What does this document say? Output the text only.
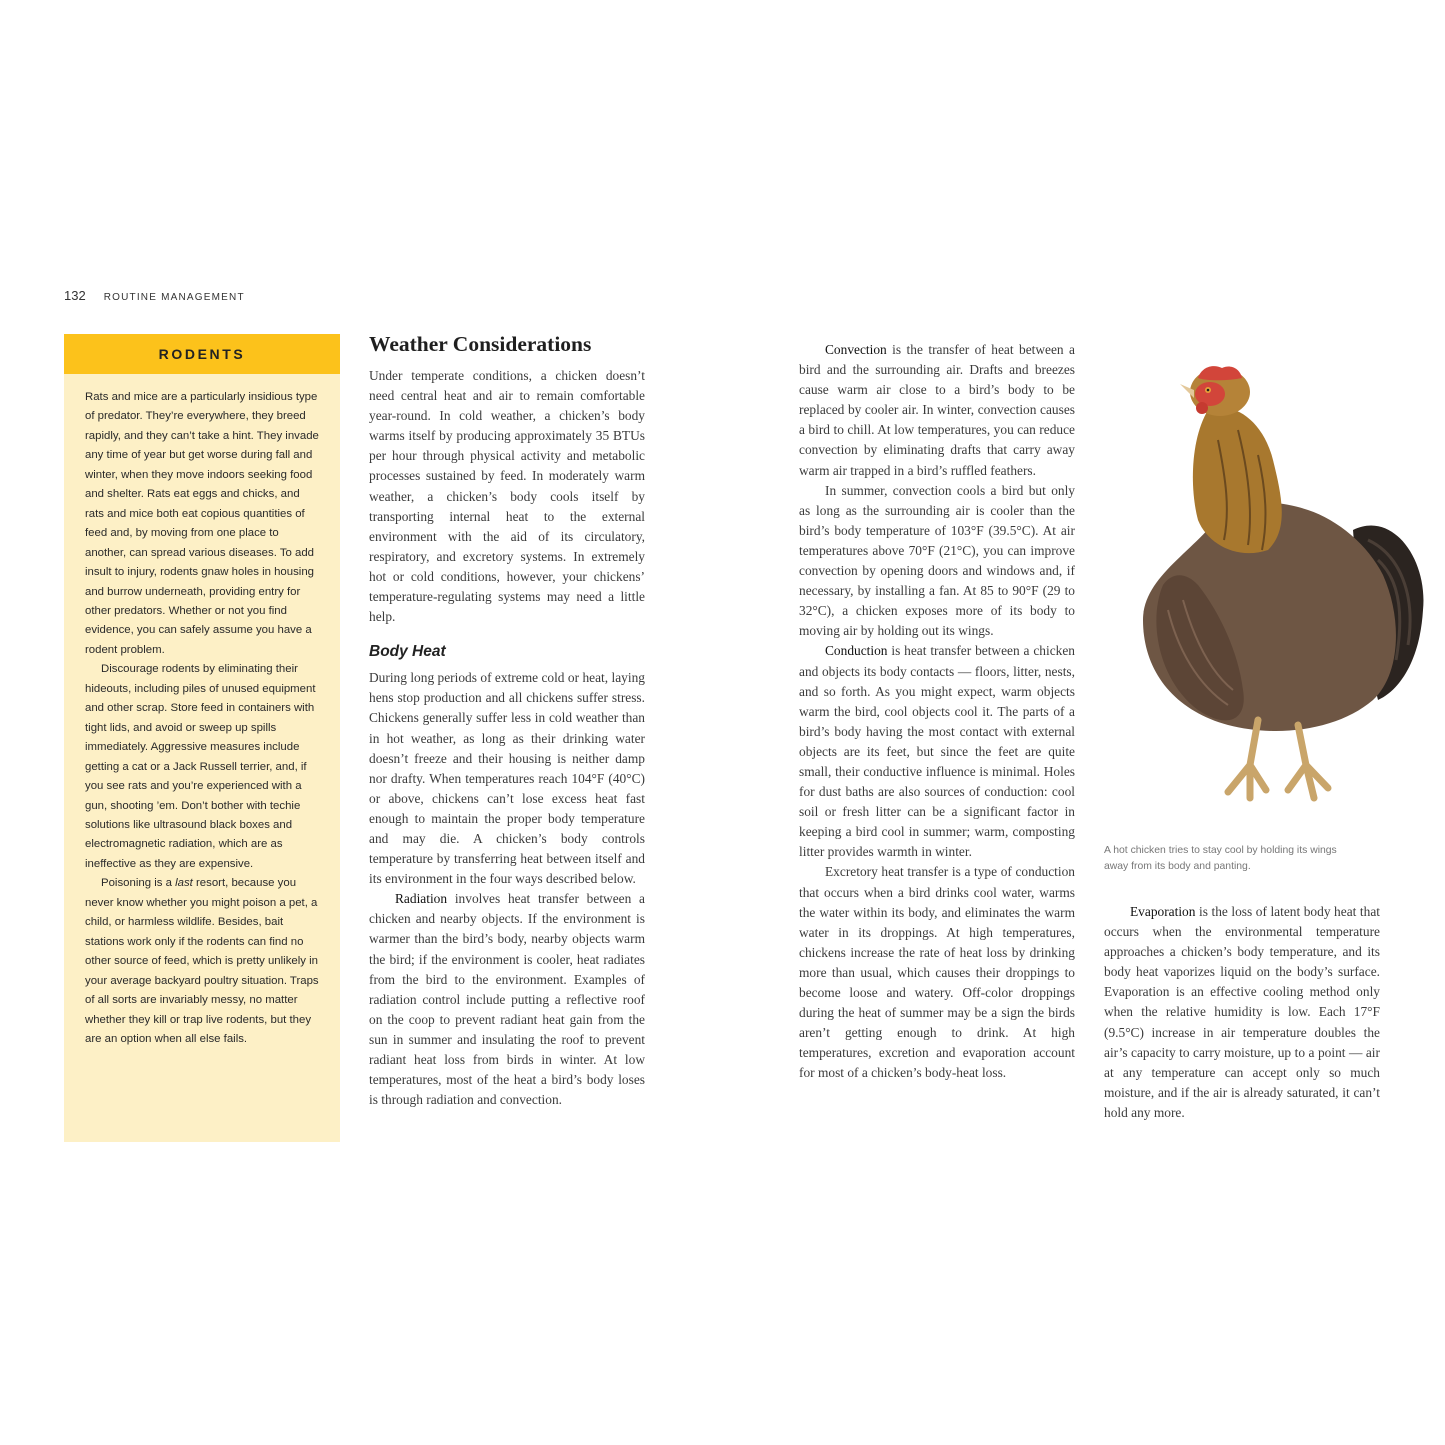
132 ROUTINE MANAGEMENT
RODENTS

Rats and mice are a particularly insidious type of predator. They’re everywhere, they breed rapidly, and they can’t take a hint. They invade any time of year but get worse during fall and winter, when they move indoors seeking food and shelter. Rats eat eggs and chicks, and rats and mice both eat copious quantities of feed and, by moving from one place to another, can spread various diseases. To add insult to injury, rodents gnaw holes in housing and burrow underneath, providing entry for other predators. Whether or not you find evidence, you can safely assume you have a rodent problem.

Discourage rodents by eliminating their hideouts, including piles of unused equipment and other scrap. Store feed in containers with tight lids, and avoid or sweep up spills immediately. Aggressive measures include getting a cat or a Jack Russell terrier, and, if you see rats and you’re experienced with a gun, shooting ’em. Don’t bother with techie solutions like ultrasound black boxes and electromagnetic radiation, which are as ineffective as they are expensive.

Poisoning is a last resort, because you never know whether you might poison a pet, a child, or harmless wildlife. Besides, bait stations work only if the rodents can find no other source of feed, which is pretty unlikely in your average backyard poultry situation. Traps of all sorts are invariably messy, no matter whether they kill or trap live rodents, but they are an option when all else fails.

Weather Considerations

Under temperate conditions, a chicken doesn’t need central heat and air to remain comfortable year-round. In cold weather, a chicken’s body warms itself by producing approximately 35 BTUs per hour through physical activity and metabolic processes sustained by feed. In moderately warm weather, a chicken’s body cools itself by transporting internal heat to the external environment with the aid of its circulatory, respiratory, and excretory systems. In extremely hot or cold conditions, however, your chickens’ temperature-regulating systems may need a little help.

Body Heat

During long periods of extreme cold or heat, laying hens stop production and all chickens suffer stress. Chickens generally suffer less in cold weather than in hot weather, as long as their drinking water doesn’t freeze and their housing is neither damp nor drafty. When temperatures reach 104°F (40°C) or above, chickens can’t lose excess heat fast enough to maintain the proper body temperature and may die. A chicken’s body controls temperature by transferring heat between itself and its environment in the four ways described below.

Radiation involves heat transfer between a chicken and nearby objects. If the environment is warmer than the bird’s body, nearby objects warm the bird; if the environment is cooler, heat radiates from the bird to the environment. Examples of radiation control include putting a reflective roof on the coop to prevent radiant heat gain from the sun in summer and insulating the roof to prevent radiant heat loss from birds in winter. At low temperatures, most of the heat a bird’s body loses is through radiation and convection.

Convection is the transfer of heat between a bird and the surrounding air. Drafts and breezes cause warm air close to a bird’s body to be replaced by cooler air. In winter, convection causes a bird to chill. At low temperatures, you can reduce convection by eliminating drafts that carry away warm air trapped in a bird’s ruffled feathers.

In summer, convection cools a bird but only as long as the surrounding air is cooler than the bird’s body temperature of 103°F (39.5°C). At air temperatures above 70°F (21°C), you can improve convection by opening doors and windows and, if necessary, by installing a fan. At 85 to 90°F (29 to 32°C), a chicken exposes more of its body to moving air by holding out its wings.

Conduction is heat transfer between a chicken and objects its body contacts — floors, litter, nests, and so forth. As you might expect, warm objects warm the bird, cool objects cool it. The parts of a bird’s body having the most contact with external objects are its feet, but since the feet are quite small, their conductive influence is minimal. Holes for dust baths are also sources of conduction: cool soil or fresh litter can be a significant factor in keeping a bird cool in summer; warm, composting litter provides warmth in winter.

Excretory heat transfer is a type of conduction that occurs when a bird drinks cool water, warms the water within its body, and eliminates the warm water in its droppings. At high temperatures, chickens increase the rate of heat loss by drinking more than usual, which causes their droppings to become loose and watery. Off-color droppings during the heat of summer may be a sign the birds aren’t getting enough to drink. At high temperatures, excretion and evaporation account for most of a chicken’s body-heat loss.

Evaporation is the loss of latent body heat that occurs when the environmental temperature approaches a chicken’s body temperature, and its body heat vaporizes liquid on the body’s surface. Evaporation is an effective cooling method only when the relative humidity is low. Each 17°F (9.5°C) increase in air temperature doubles the air’s capacity to carry moisture, up to a point — air at any temperature can accept only so much moisture, and if the air is already saturated, it can’t hold any more.

A hot chicken tries to stay cool by holding its wings away from its body and panting.
